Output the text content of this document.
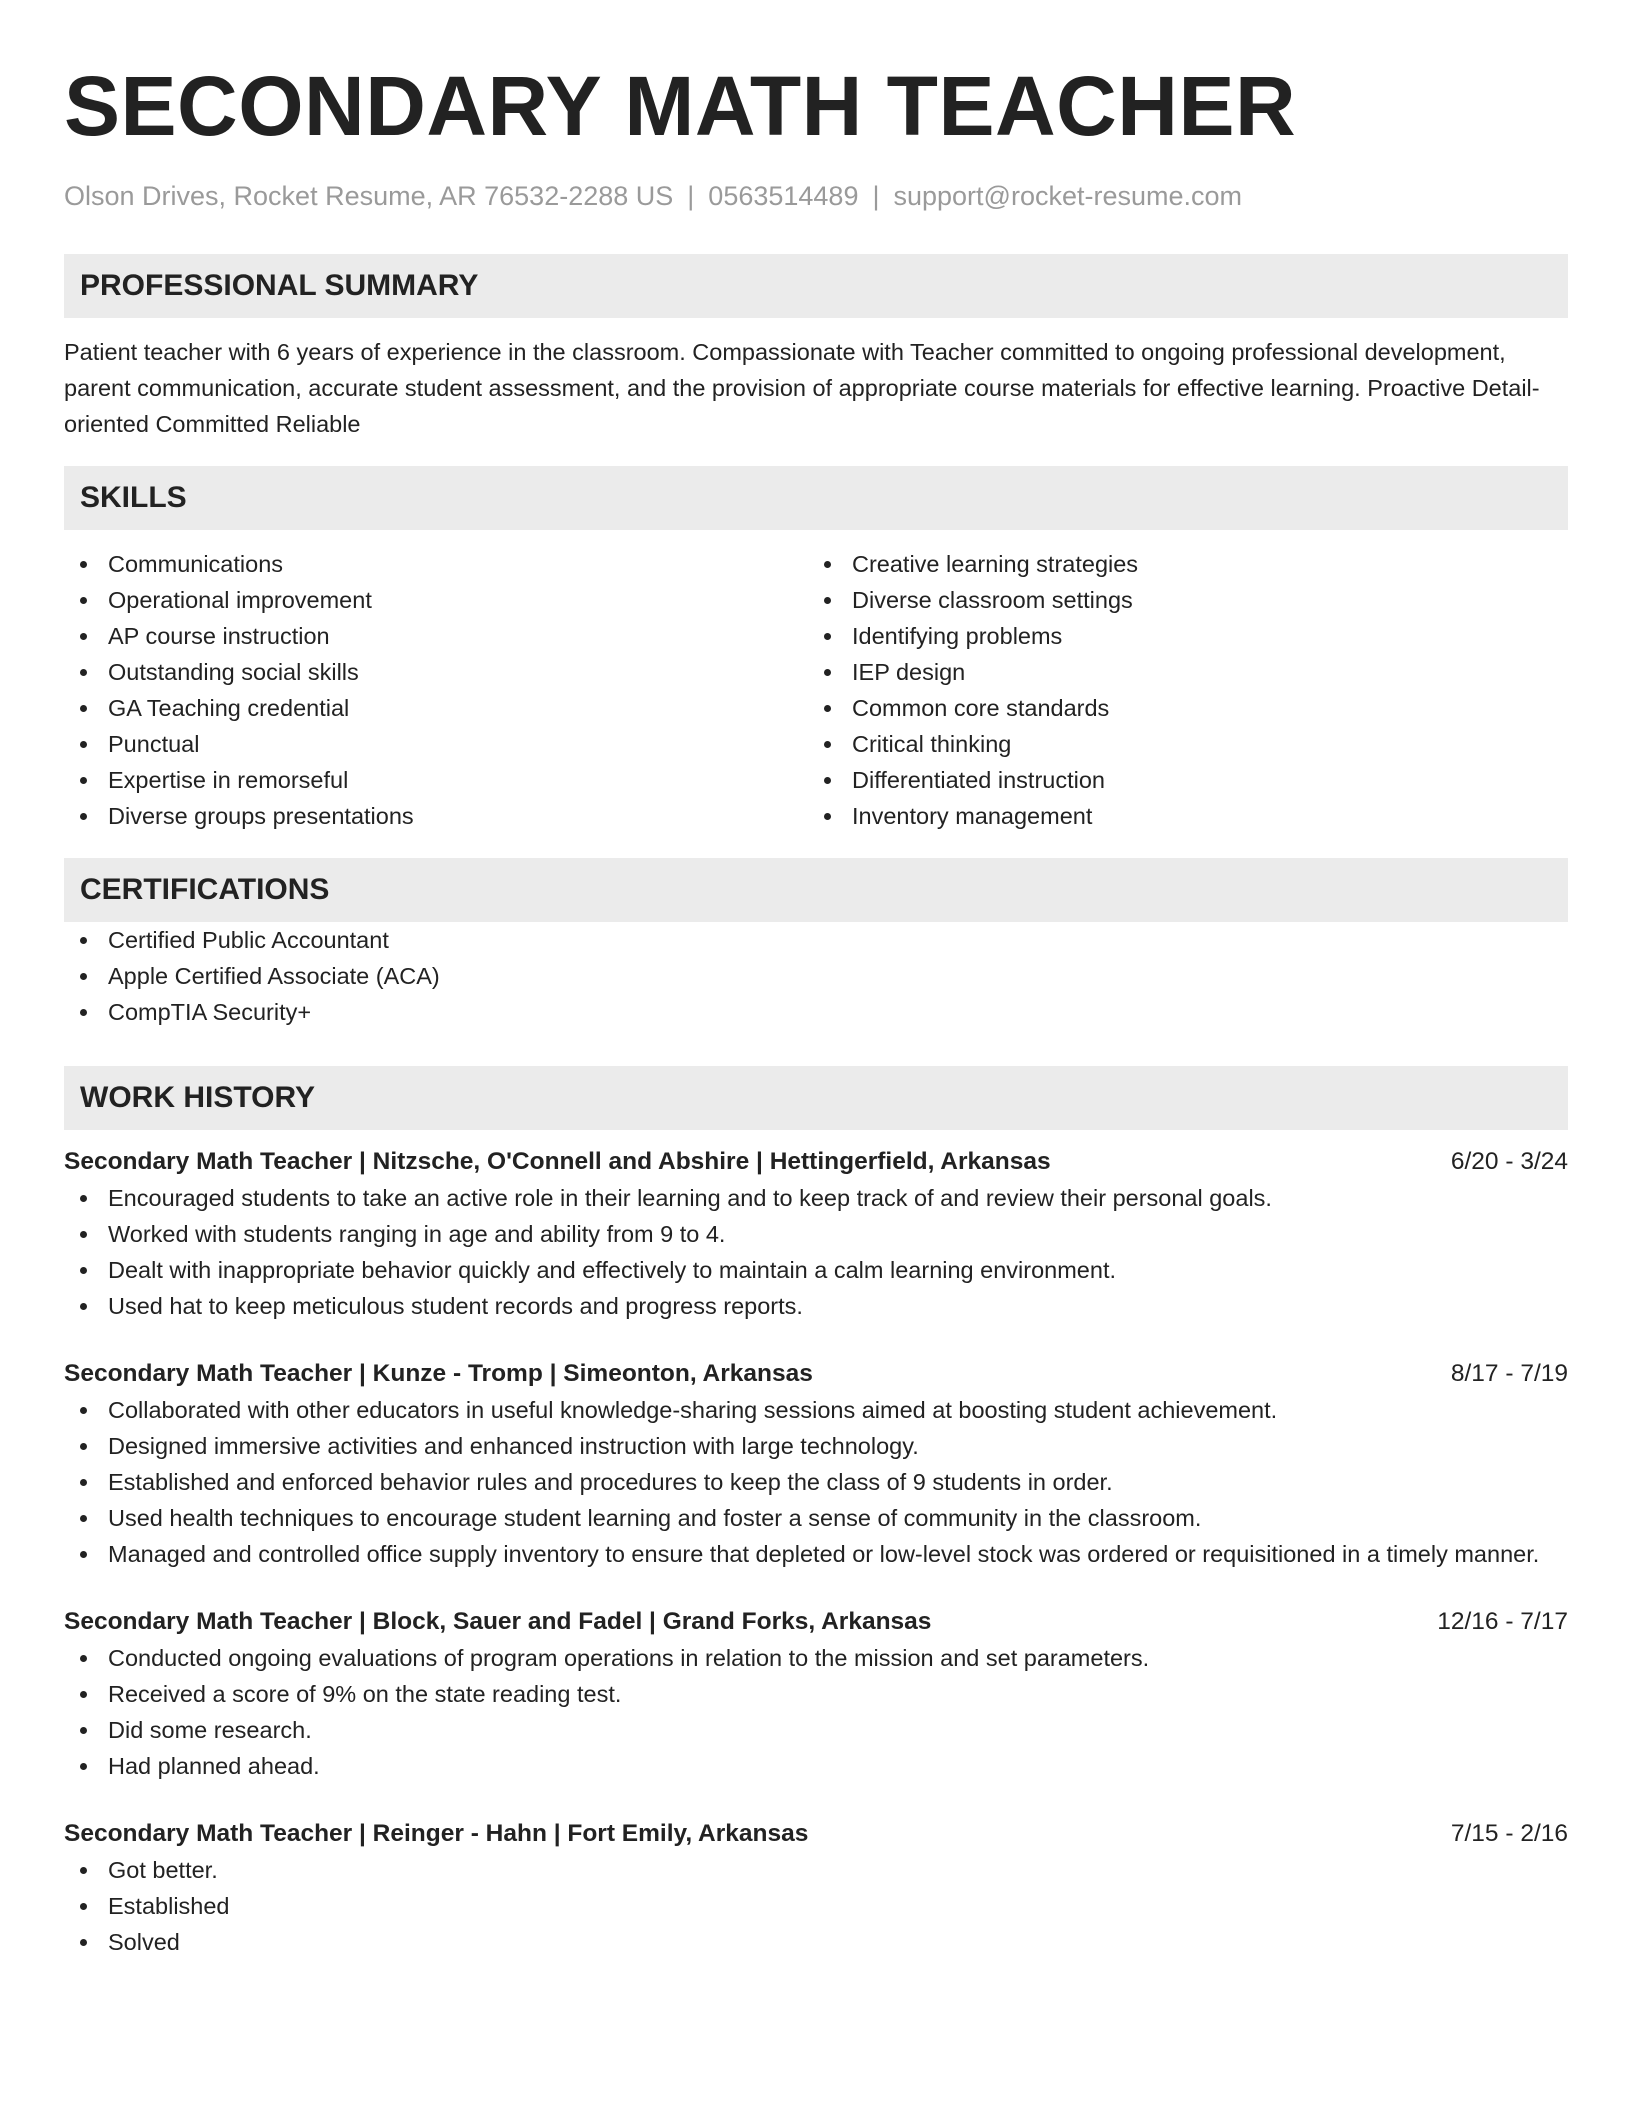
SECONDARY MATH TEACHER
Olson Drives, Rocket Resume, AR 76532-2288 US | 0563514489 | support@rocket-resume.com
PROFESSIONAL SUMMARY

Patient teacher with 6 years of experience in the classroom. Compassionate with Teacher committed to ongoing professional development, parent communication, accurate student assessment, and the provision of appropriate course materials for effective learning. Proactive Detail-oriented Committed Reliable

SKILLS
Communications
Operational improvement
AP course instruction
Outstanding social skills
GA Teaching credential
Punctual
Expertise in remorseful
Diverse groups presentations
Creative learning strategies
Diverse classroom settings
Identifying problems
IEP design
Common core standards
Critical thinking
Differentiated instruction
Inventory management
CERTIFICATIONS
Certified Public Accountant
Apple Certified Associate (ACA)
CompTIA Security+
WORK HISTORY
Secondary Math Teacher | Nitzsche, O'Connell and Abshire | Hettingerfield, Arkansas	6/20 - 3/24
Encouraged students to take an active role in their learning and to keep track of and review their personal goals.
Worked with students ranging in age and ability from 9 to 4.
Dealt with inappropriate behavior quickly and effectively to maintain a calm learning environment.
Used hat to keep meticulous student records and progress reports.
Secondary Math Teacher | Kunze - Tromp | Simeonton, Arkansas	8/17 - 7/19
Collaborated with other educators in useful knowledge-sharing sessions aimed at boosting student achievement.
Designed immersive activities and enhanced instruction with large technology.
Established and enforced behavior rules and procedures to keep the class of 9 students in order.
Used health techniques to encourage student learning and foster a sense of community in the classroom.
Managed and controlled office supply inventory to ensure that depleted or low-level stock was ordered or requisitioned in a timely manner.
Secondary Math Teacher | Block, Sauer and Fadel | Grand Forks, Arkansas	12/16 - 7/17
Conducted ongoing evaluations of program operations in relation to the mission and set parameters.
Received a score of 9% on the state reading test.
Did some research.
Had planned ahead.
Secondary Math Teacher | Reinger - Hahn | Fort Emily, Arkansas	7/15 - 2/16
Got better.
Established
Solved
